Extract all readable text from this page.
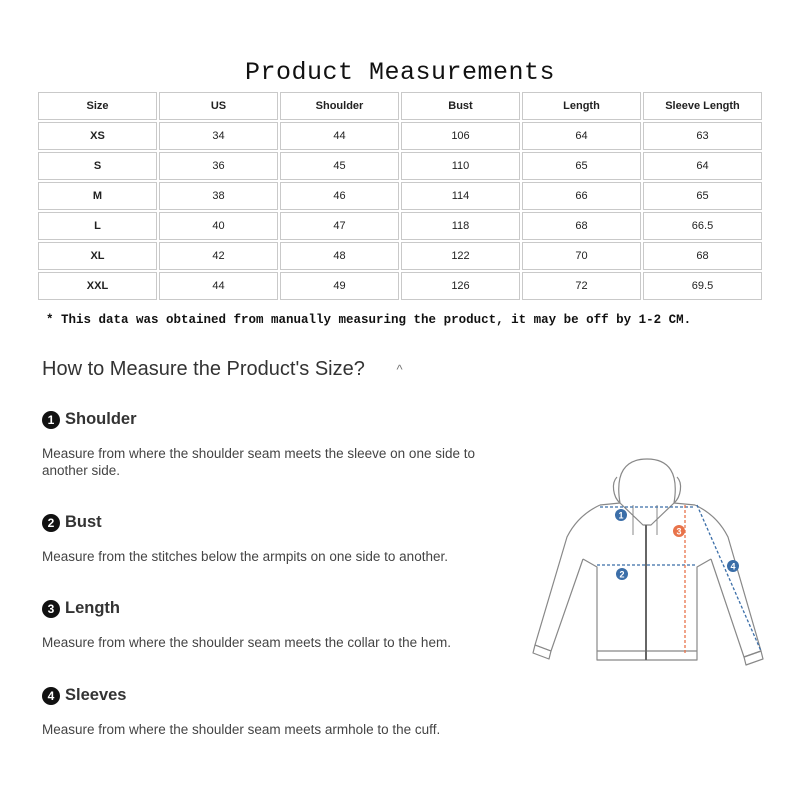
Product Measurements
Size	US	Shoulder	Bust	Length	Sleeve Length
XS	34	44	106	64	63
S	36	45	110	65	64
M	38	46	114	66	65
L	40	47	118	68	66.5
XL	42	48	122	70	68
XXL	44	49	126	72	69.5
* This data was obtained from manually measuring the product, it may be off by 1-2 CM.
How to Measure the Product's Size? ^
1 Shoulder
Measure from where the shoulder seam meets the sleeve on one side to another side.
2 Bust
Measure from the stitches below the armpits on one side to another.
3 Length
Measure from where the shoulder seam meets the collar to the hem.
4 Sleeves
Measure from where the shoulder seam meets armhole to the cuff.
1
2
3
4
